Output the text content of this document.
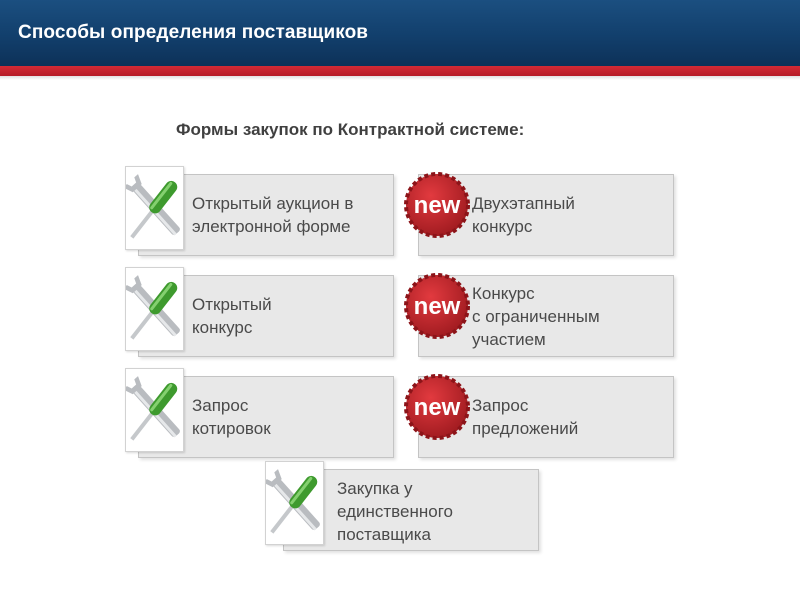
Способы определения поставщиков
Формы закупок по Контрактной системе:
Открытый аукцион в
электронной форме
Двухэтапный
конкурс
Открытый
конкурс
Конкурс
с ограниченным
участием
Запрос
котировок
Запрос
предложений
Закупка у
единственного
поставщика
new
new
new
